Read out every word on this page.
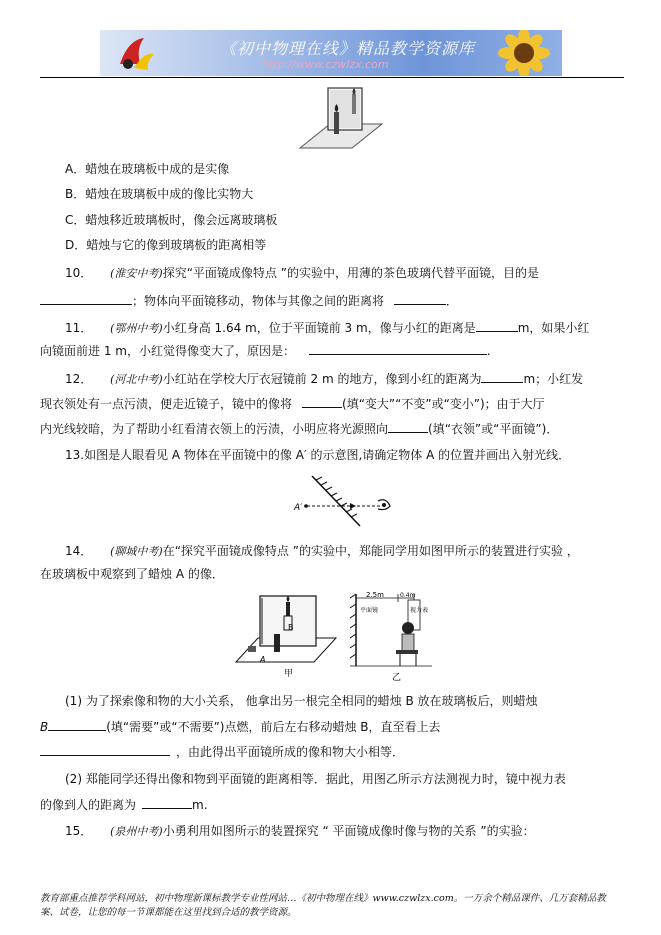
《初中物理在线》精品教学资源库
http://www.czwlzx.com
A．蜡烛在玻璃板中成的是实像
B．蜡烛在玻璃板中成的像比实物大
C．蜡烛移近玻璃板时，像会远离玻璃板
D．蜡烛与它的像到玻璃板的距离相等
10． (淮安中考)探究“平面镜成像特点 ”的实验中，用薄的茶色玻璃代替平面镜，目的是
；物体向平面镜移动，物体与其像之间的距离将	．
11． (鄂州中考)小红身高 1.64 m，位于平面镜前 3 m，像与小红的距离是	m，如果小红
向镜面前进 1 m，小红觉得像变大了，原因是：	.
12． (河北中考)小红站在学校大厅衣冠镜前 2 m 的地方，像到小红的距离为	m；小红发
现衣领处有一点污渍，便走近镜子，镜中的像将	(填“变大”“不变”或“变小”)；由于大厅
内光线较暗，为了帮助小红看清衣领上的污渍，小明应将光源照向	(填“衣领”或“平面镜”)．
13.如图是人眼看见 A 物体在平面镜中的像 A′ 的示意图,请确定物体 A 的位置并画出入射光线．
A′
14． (聊城中考)在“探究平面镜成像特点 ”的实验中，郑能同学用如图甲所示的装置进行实验 ，
在玻璃板中观察到了蜡烛 A 的像．
B
A
甲
2.5m	0.4m
平面镜	视力表
乙
(1) 为了探索像和物的大小关系， 他拿出另一根完全相同的蜡烛 B 放在玻璃板后，则蜡烛
B	(填“需要”或“不需要”)点燃，前后左右移动蜡烛 B，直至看上去
，由此得出平面镜所成的像和物大小相等．
(2) 郑能同学还得出像和物到平面镜的距离相等．据此，用图乙所示方法测视力时，镜中视力表
的像到人的距离为	m.
15． (泉州中考)小勇利用如图所示的装置探究 “ 平面镜成像时像与物的关系 ”的实验：
教育部重点推荐学科网站，初中物理新课标教学专业性网站…《初中物理在线》www.czwlzx.com。一万余个精品课件、几万套精品教
案、试卷，让您的每一节课都能在这里找到合适的教学资源。
